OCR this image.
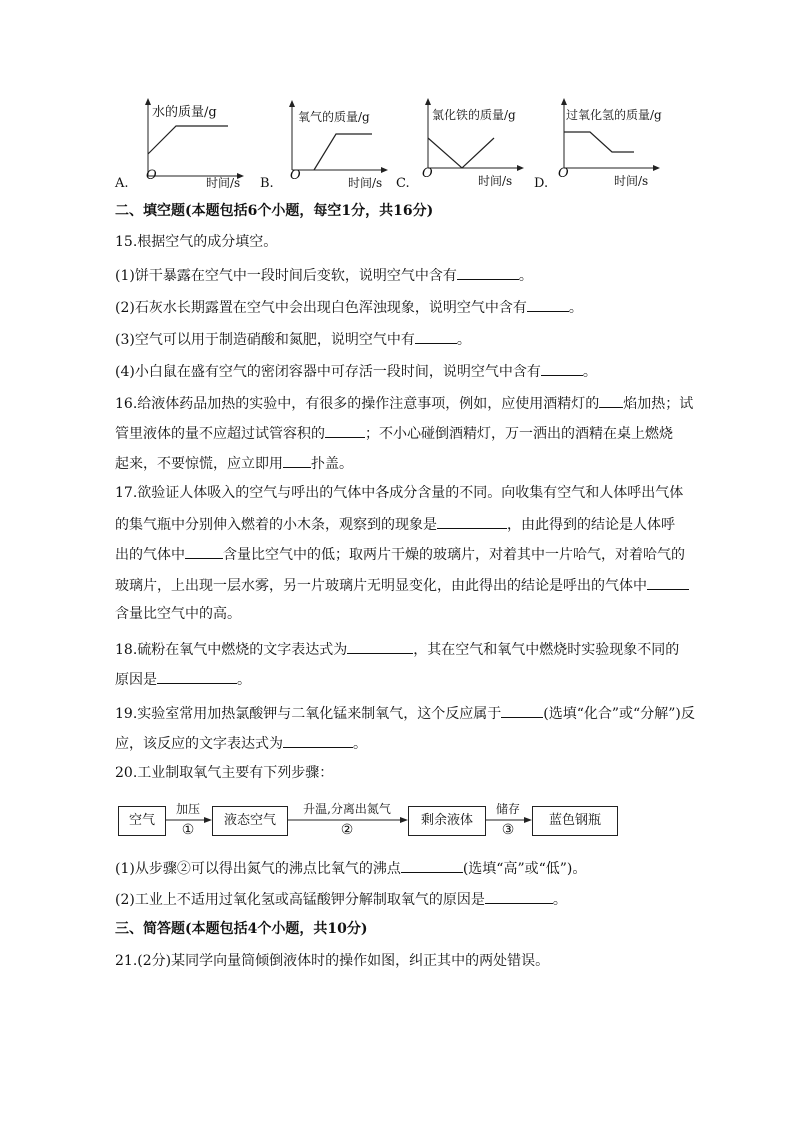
A.
水的质量/g
O	时间/s B.
氧气的质量/g
O	时间/s C.
氯化铁的质量/g
O	时间/s D.
过氧化氢的质量/g
O	时间/s
二、填空题(本题包括6个小题，每空1分，共16分)
15.根据空气的成分填空。
(1)饼干暴露在空气中一段时间后变软，说明空气中含有	。
(2)石灰水长期露置在空气中会出现白色浑浊现象，说明空气中含有	。
(3)空气可以用于制造硝酸和氮肥，说明空气中有	。
(4)小白鼠在盛有空气的密闭容器中可存活一段时间，说明空气中含有	。
16.给液体药品加热的实验中，有很多的操作注意事项，例如，应使用酒精灯的 焰加热；试
管里液体的量不应超过试管容积的	；不小心碰倒酒精灯，万一洒出的酒精在桌上燃烧
起来，不要惊慌，应立即用 扑盖。
17.欲验证人体吸入的空气与呼出的气体中各成分含量的不同。向收集有空气和人体呼出气体
的集气瓶中分别伸入燃着的小木条，观察到的现象是	，由此得到的结论是人体呼
出的气体中	含量比空气中的低；取两片干燥的玻璃片，对着其中一片哈气，对着哈气的
玻璃片，上出现一层水雾，另一片玻璃片无明显变化，由此得出的结论是呼出的气体中
含量比空气中的高。
18.硫粉在氧气中燃烧的文字表达式为	，其在空气和氧气中燃烧时实验现象不同的
原因是	。
19.实验室常用加热氯酸钾与二氧化锰来制氧气，这个反应属于	(选填“化合”或“分解”)反
应，该反应的文字表达式为	。
20.工业制取氧气主要有下列步骤：
空气	液态空气	剩余液体	蓝色钢瓶
加压
①
升温,分离出氮气
②
储存
③
(1)从步骤②可以得出氮气的沸点比氧气的沸点	(选填“高”或“低”)。
(2)工业上不适用过氧化氢或高锰酸钾分解制取氧气的原因是	。
三、简答题(本题包括4个小题，共10分)
21.(2分)某同学向量筒倾倒液体时的操作如图，纠正其中的两处错误。
